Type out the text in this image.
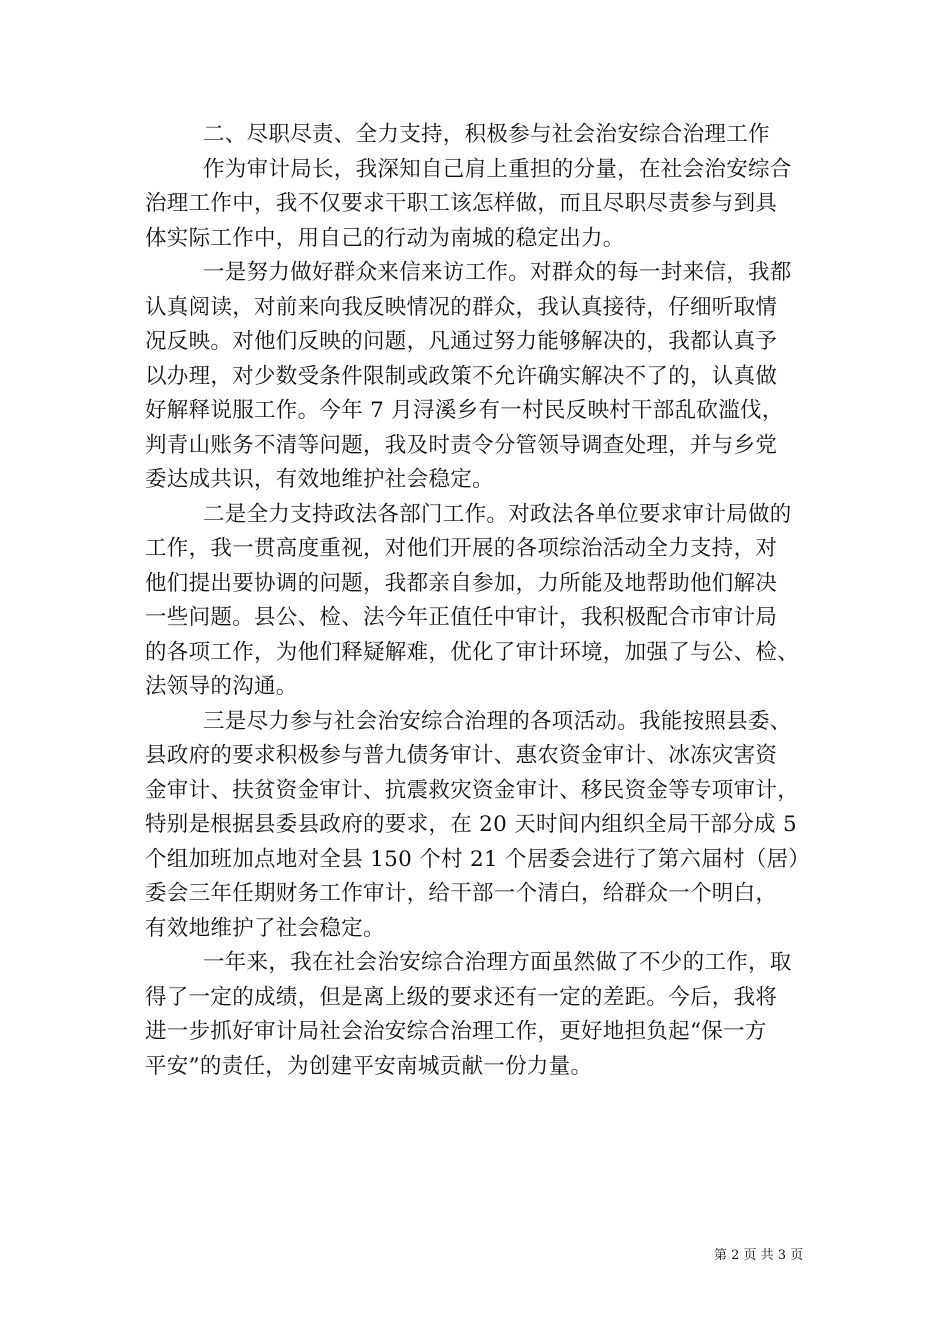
二、尽职尽责、全力支持，积极参与社会治安综合治理工作
作为审计局长，我深知自己肩上重担的分量，在社会治安综合
治理工作中，我不仅要求干职工该怎样做，而且尽职尽责参与到具
体实际工作中，用自己的行动为南城的稳定出力。
一是努力做好群众来信来访工作。对群众的每一封来信，我都
认真阅读，对前来向我反映情况的群众，我认真接待，仔细听取情
况反映。对他们反映的问题，凡通过努力能够解决的，我都认真予
以办理，对少数受条件限制或政策不允许确实解决不了的，认真做
好解释说服工作。今年 7 月浔溪乡有一村民反映村干部乱砍滥伐，
判青山账务不清等问题，我及时责令分管领导调查处理，并与乡党
委达成共识，有效地维护社会稳定。
二是全力支持政法各部门工作。对政法各单位要求审计局做的
工作，我一贯高度重视，对他们开展的各项综治活动全力支持，对
他们提出要协调的问题，我都亲自参加，力所能及地帮助他们解决
一些问题。县公、检、法今年正值任中审计，我积极配合市审计局
的各项工作，为他们释疑解难，优化了审计环境，加强了与公、检、
法领导的沟通。
三是尽力参与社会治安综合治理的各项活动。我能按照县委、
县政府的要求积极参与普九债务审计、惠农资金审计、冰冻灾害资
金审计、扶贫资金审计、抗震救灾资金审计、移民资金等专项审计，
特别是根据县委县政府的要求，在 20 天时间内组织全局干部分成 5
个组加班加点地对全县 150 个村 21 个居委会进行了第六届村（居）
委会三年任期财务工作审计，给干部一个清白，给群众一个明白，
有效地维护了社会稳定。
一年来，我在社会治安综合治理方面虽然做了不少的工作，取
得了一定的成绩，但是离上级的要求还有一定的差距。今后，我将
进一步抓好审计局社会治安综合治理工作，更好地担负起“保一方
平安”的责任，为创建平安南城贡献一份力量。
第 2 页 共 3 页
